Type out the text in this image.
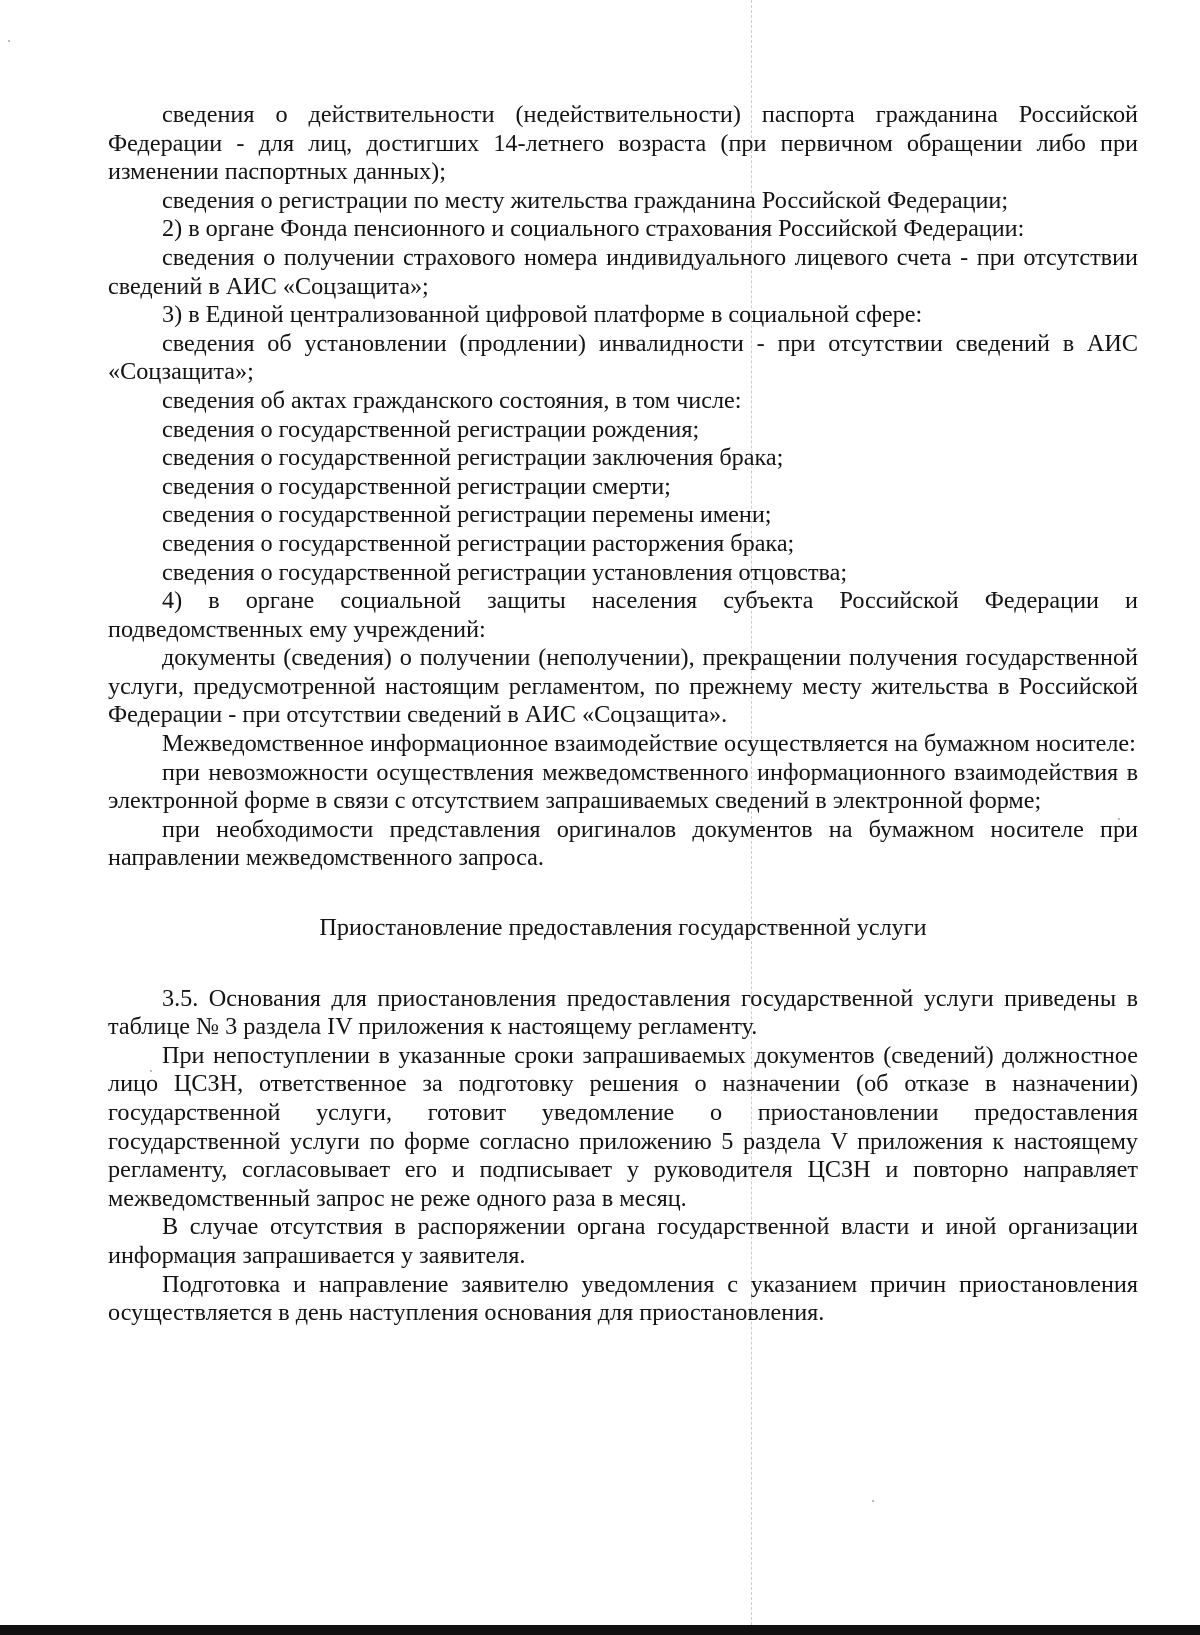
сведения о действительности (недействительности) паспорта гражданина Российской Федерации - для лиц, достигших 14-летнего возраста (при первичном обращении либо при изменении паспортных данных);

сведения о регистрации по месту жительства гражданина Российской Федерации;

2) в органе Фонда пенсионного и социального страхования Российской Федерации:

сведения о получении страхового номера индивидуального лицевого счета - при отсутствии сведений в АИС «Соцзащита»;

3) в Единой централизованной цифровой платформе в социальной сфере:

сведения об установлении (продлении) инвалидности - при отсутствии сведений в АИС «Соцзащита»;

сведения об актах гражданского состояния, в том числе:

сведения о государственной регистрации рождения;

сведения о государственной регистрации заключения брака;

сведения о государственной регистрации смерти;

сведения о государственной регистрации перемены имени;

сведения о государственной регистрации расторжения брака;

сведения о государственной регистрации установления отцовства;

4) в органе социальной защиты населения субъекта Российской Федерации и подведомственных ему учреждений:

документы (сведения) о получении (неполучении), прекращении получения государственной услуги, предусмотренной настоящим регламентом, по прежнему месту жительства в Российской Федерации - при отсутствии сведений в АИС «Соцзащита».

Межведомственное информационное взаимодействие осуществляется на бумажном носителе:

при невозможности осуществления межведомственного информационного взаимодействия в электронной форме в связи с отсутствием запрашиваемых сведений в электронной форме;

при необходимости представления оригиналов документов на бумажном носителе при направлении межведомственного запроса.

Приостановление предоставления государственной услуги

3.5. Основания для приостановления предоставления государственной услуги приведены в таблице № 3 раздела IV приложения к настоящему регламенту.

При непоступлении в указанные сроки запрашиваемых документов (сведений) должностное лицо ЦСЗН, ответственное за подготовку решения о назначении (об отказе в назначении) государственной услуги, готовит уведомление о приостановлении предоставления государственной услуги по форме согласно приложению 5 раздела V приложения к настоящему регламенту, согласовывает его и подписывает у руководителя ЦСЗН и повторно направляет межведомственный запрос не реже одного раза в месяц.

В случае отсутствия в распоряжении органа государственной власти и иной организации информация запрашивается у заявителя.

Подготовка и направление заявителю уведомления с указанием причин приостановления осуществляется в день наступления основания для приостановления.
